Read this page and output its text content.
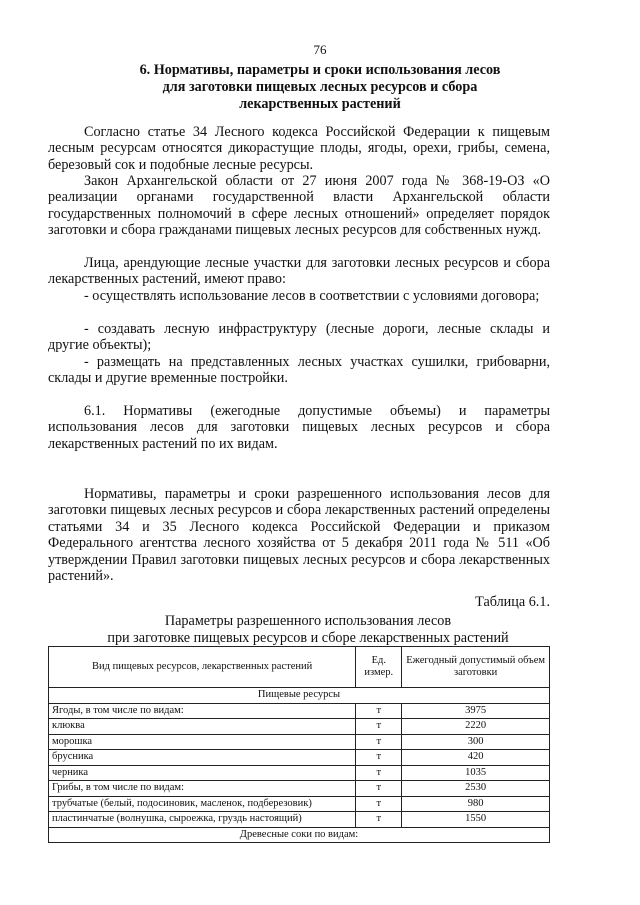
76
6. Нормативы, параметры и сроки использования лесов
для заготовки пищевых лесных ресурсов и сбора
лекарственных растений
Согласно статье 34 Лесного кодекса Российской Федерации к пищевым лесным ресурсам относятся дикорастущие плоды, ягоды, орехи, грибы, семена, березовый сок и подобные лесные ресурсы.
Закон Архангельской области от 27 июня 2007 года № 368-19-ОЗ «О реализации органами государственной власти Архангельской области государственных полномочий в сфере лесных отношений» определяет порядок заготовки и сбора гражданами пищевых лесных ресурсов для собственных нужд.
Лица, арендующие лесные участки для заготовки лесных ресурсов и сбора лекарственных растений, имеют право:
- осуществлять использование лесов в соответствии с условиями договора;
- создавать лесную инфраструктуру (лесные дороги, лесные склады и другие объекты);
- размещать на представленных лесных участках сушилки, грибоварни, склады и другие временные постройки.
6.1. Нормативы (ежегодные допустимые объемы) и параметры использования лесов для заготовки пищевых лесных ресурсов и сбора лекарственных растений по их видам.
Нормативы, параметры и сроки разрешенного использования лесов для заготовки пищевых лесных ресурсов и сбора лекарственных растений определены статьями 34 и 35 Лесного кодекса Российской Федерации и приказом Федерального агентства лесного хозяйства от 5 декабря 2011 года № 511 «Об утверждении Правил заготовки пищевых лесных ресурсов и сбора лекарственных растений».
Таблица 6.1.
Параметры разрешенного использования лесов
при заготовке пищевых ресурсов и сборе лекарственных растений
Вид пищевых ресурсов, лекарственных растений	Ед. измер.	Ежегодный допустимый объем заготовки
Пищевые ресурсы		
Ягоды, в том числе по видам:	т	3975
клюква	т	2220
морошка	т	300
брусника	т	420
черника	т	1035
Грибы, в том числе по видам:	т	2530
трубчатые (белый, подосиновик, масленок, подберезовик)	т	980
пластинчатые (волнушка, сыроежка, груздь настоящий)	т	1550
Древесные соки по видам:		
